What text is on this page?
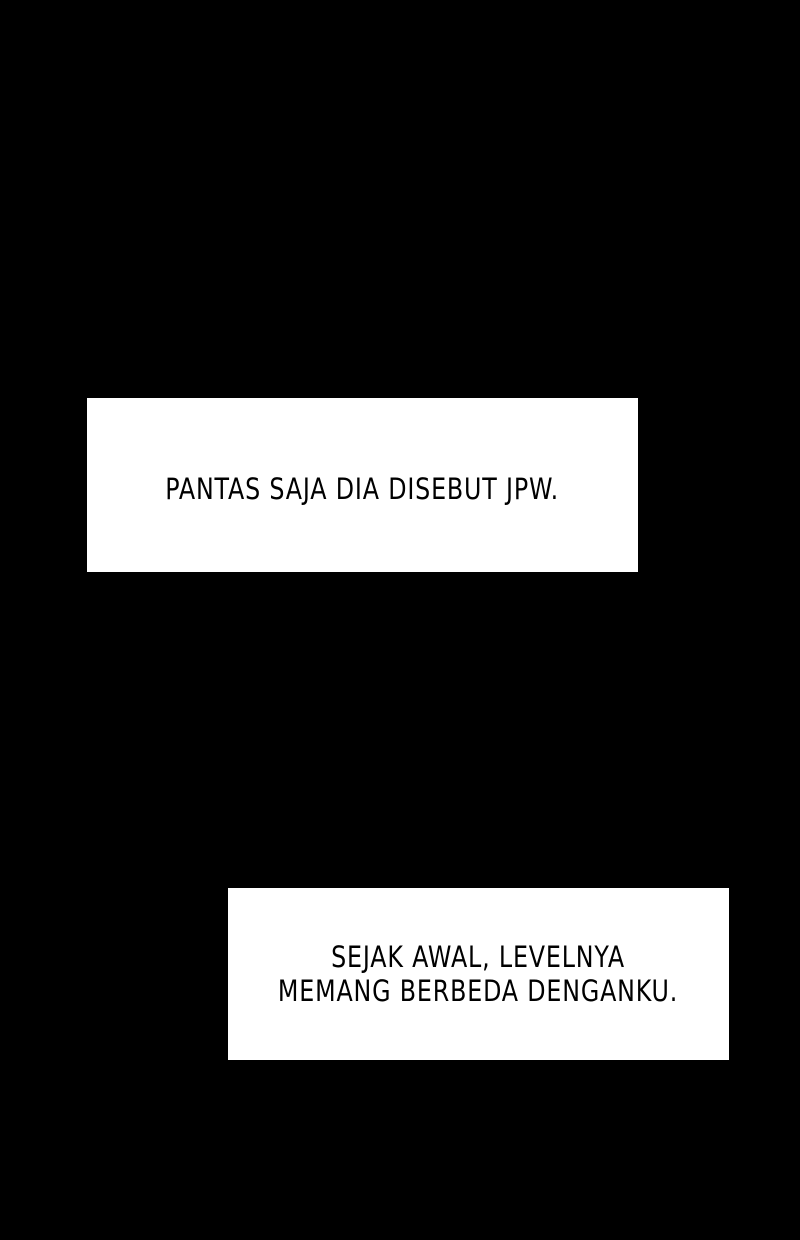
PANTAS SAJA DIA DISEBUT JPW.
SEJAK AWAL, LEVELNYA
MEMANG BERBEDA DENGANKU.
